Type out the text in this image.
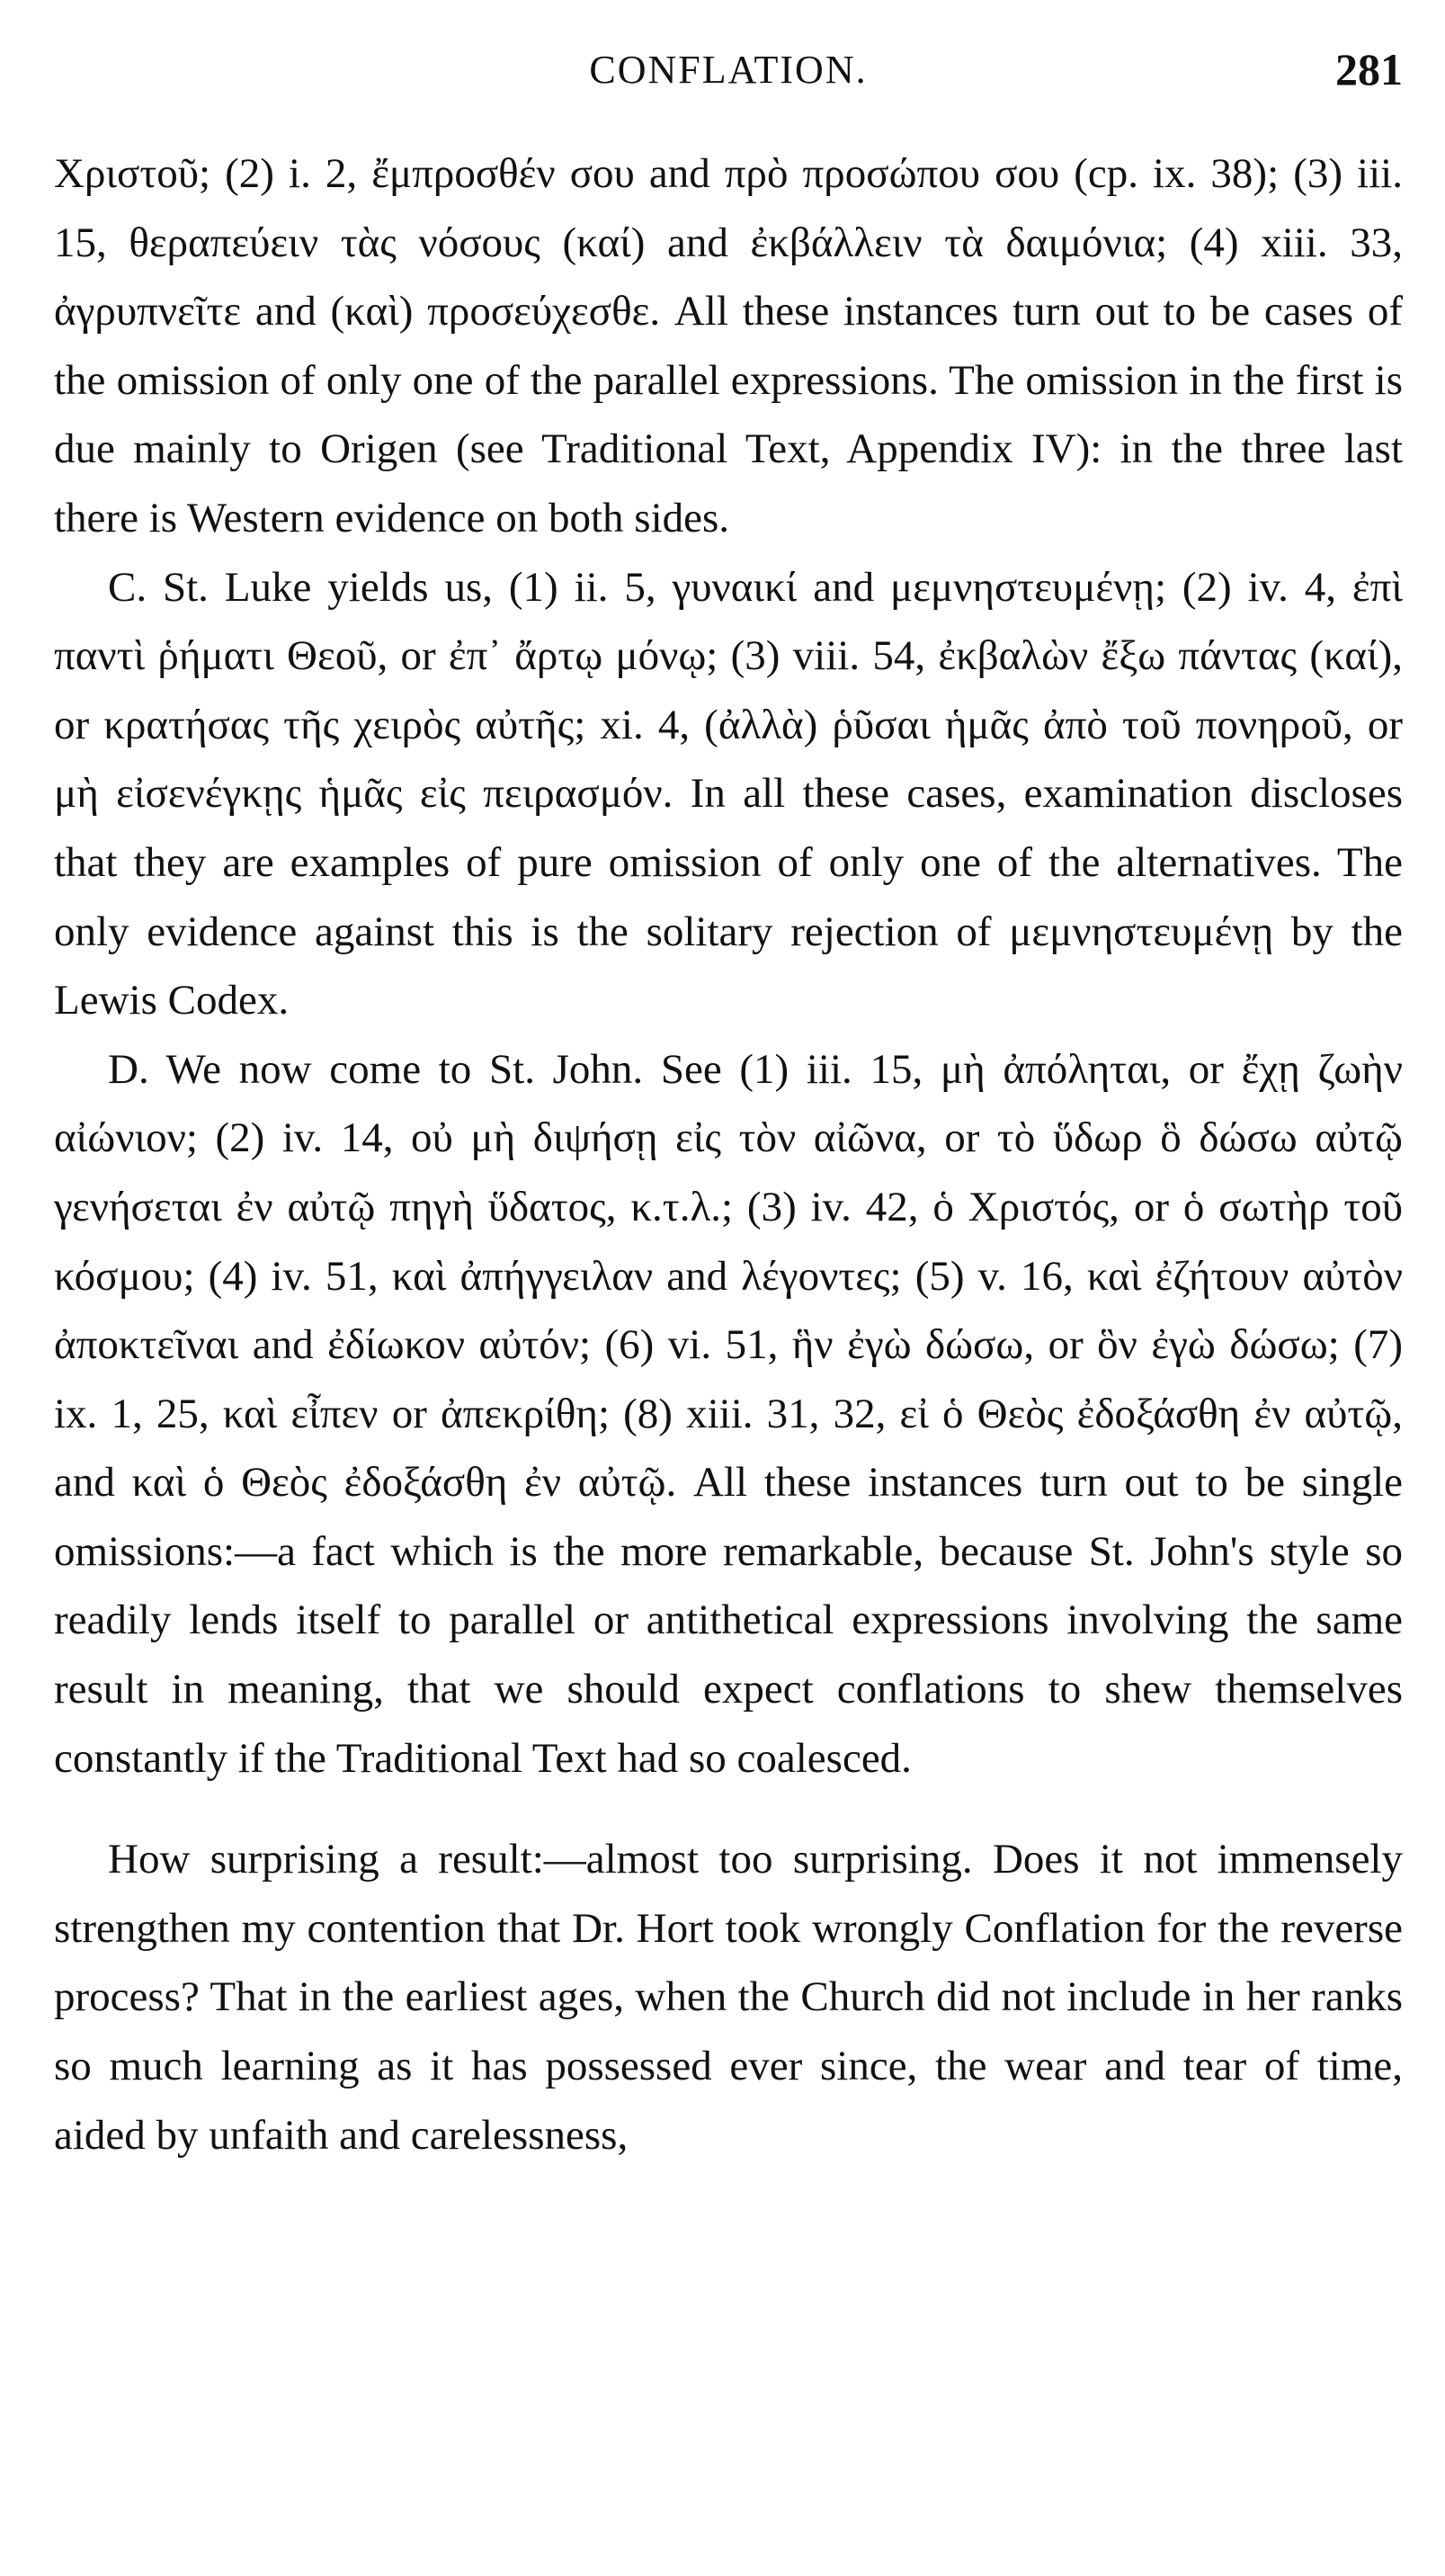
CONFLATION.	281

Χριστοῦ; (2) i. 2, ἔμπροσθέν σου and πρὸ προσώπου σου (cp. ix. 38); (3) iii. 15, θεραπεύειν τὰς νόσους (καί) and ἐκβάλλειν τὰ δαιμόνια; (4) xiii. 33, ἀγρυπνεῖτε and (καὶ) προσεύχεσθε. All these instances turn out to be cases of the omission of only one of the parallel expressions. The omission in the first is due mainly to Origen (see Traditional Text, Appendix IV): in the three last there is Western evidence on both sides.

C. St. Luke yields us, (1) ii. 5, γυναικί and μεμνηστευμένῃ; (2) iv. 4, ἐπὶ παντὶ ῥήματι Θεοῦ, or ἐπ᾽ ἄρτῳ μόνῳ; (3) viii. 54, ἐκβαλὼν ἔξω πάντας (καί), or κρατήσας τῆς χειρὸς αὐτῆς; xi. 4, (ἀλλὰ) ῥῦσαι ἡμᾶς ἀπὸ τοῦ πονηροῦ, or μὴ εἰσενέγκῃς ἡμᾶς εἰς πειρασμόν. In all these cases, examination discloses that they are examples of pure omission of only one of the alternatives. The only evidence against this is the solitary rejection of μεμνηστευμένῃ by the Lewis Codex.

D. We now come to St. John. See (1) iii. 15, μὴ ἀπόληται, or ἔχῃ ζωὴν αἰώνιον; (2) iv. 14, οὐ μὴ διψήσῃ εἰς τὸν αἰῶνα, or τὸ ὕδωρ ὃ δώσω αὐτῷ γενήσεται ἐν αὐτῷ πηγὴ ὕδατος, κ.τ.λ.; (3) iv. 42, ὁ Χριστός, or ὁ σωτὴρ τοῦ κόσμου; (4) iv. 51, καὶ ἀπήγγειλαν and λέγοντες; (5) v. 16, καὶ ἐζήτουν αὐτὸν ἀποκτεῖναι and ἐδίωκον αὐτόν; (6) vi. 51, ἣν ἐγὼ δώσω, or ὃν ἐγὼ δώσω; (7) ix. 1, 25, καὶ εἶπεν or ἀπεκρίθη; (8) xiii. 31, 32, εἰ ὁ Θεὸς ἐδοξάσθη ἐν αὐτῷ, and καὶ ὁ Θεὸς ἐδοξάσθη ἐν αὐτῷ. All these instances turn out to be single omissions:—a fact which is the more remarkable, because St. John's style so readily lends itself to parallel or antithetical expressions involving the same result in meaning, that we should expect conflations to shew themselves constantly if the Traditional Text had so coalesced.

How surprising a result:—almost too surprising. Does it not immensely strengthen my contention that Dr. Hort took wrongly Conflation for the reverse process? That in the earliest ages, when the Church did not include in her ranks so much learning as it has possessed ever since, the wear and tear of time, aided by unfaith and carelessness,
